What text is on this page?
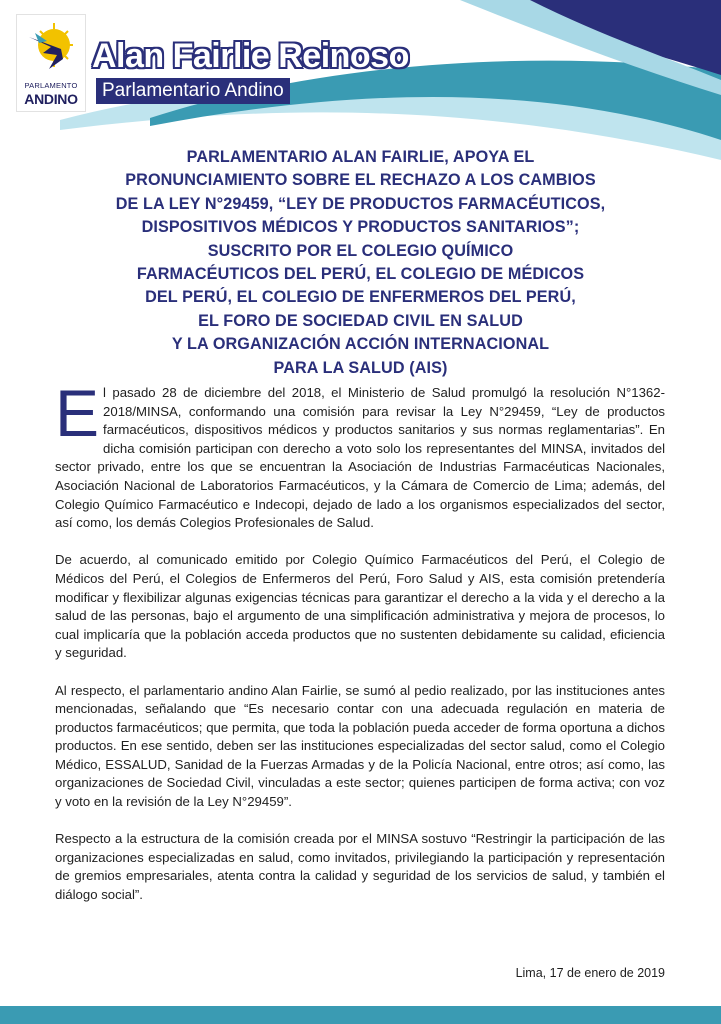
PARLAMENTO
ANDINO
Alan Fairlie Reinoso
Parlamentario Andino
PARLAMENTARIO ALAN FAIRLIE, APOYA EL
PRONUNCIAMIENTO SOBRE EL RECHAZO A LOS CAMBIOS
DE LA LEY N°29459, “LEY DE PRODUCTOS FARMACÉUTICOS,
DISPOSITIVOS MÉDICOS Y PRODUCTOS SANITARIOS”;
SUSCRITO POR EL COLEGIO QUÍMICO
FARMACÉUTICOS DEL PERÚ, EL COLEGIO DE MÉDICOS
DEL PERÚ, EL COLEGIO DE ENFERMEROS DEL PERÚ,
EL FORO DE SOCIEDAD CIVIL EN SALUD
Y LA ORGANIZACIÓN ACCIÓN INTERNACIONAL
PARA LA SALUD (AIS)

El pasado 28 de diciembre del 2018, el Ministerio de Salud promulgó la resolución N°1362-2018/MINSA, conformando una comisión para revisar la Ley N°29459, “Ley de productos farmacéuticos, dispositivos médicos y productos sanitarios y sus normas reglamentarias”. En dicha comisión participan con derecho a voto solo los representantes del MINSA, invitados del sector privado, entre los que se encuentran la Asociación de Industrias Farmacéuticas Nacionales, Asociación Nacional de Laboratorios Farmacéuticos, y la Cámara de Comercio de Lima; además, del Colegio Químico Farmacéutico e Indecopi, dejado de lado a los organismos especializados del sector, así como, los demás Colegios Profesionales de Salud.

De acuerdo, al comunicado emitido por Colegio Químico Farmacéuticos del Perú, el Colegio de Médicos del Perú, el Colegios de Enfermeros del Perú, Foro Salud y AIS, esta comisión pretendería modificar y flexibilizar algunas exigencias técnicas para garantizar el derecho a la vida y el derecho a la salud de las personas, bajo el argumento de una simplificación administrativa y mejora de procesos, lo cual implicaría que la población acceda productos que no sustenten debidamente su calidad, eficiencia y seguridad.

Al respecto, el parlamentario andino Alan Fairlie, se sumó al pedio realizado, por las instituciones antes mencionadas, señalando que “Es necesario contar con una adecuada regulación en materia de productos farmacéuticos; que permita, que toda la población pueda acceder de forma oportuna a dichos productos. En ese sentido, deben ser las instituciones especializadas del sector salud, como el Colegio Médico, ESSALUD, Sanidad de la Fuerzas Armadas y de la Policía Nacional, entre otros; así como, las organizaciones de Sociedad Civil, vinculadas a este sector; quienes participen de forma activa; con voz y voto en la revisión de la Ley N°29459”.

Respecto a la estructura de la comisión creada por el MINSA sostuvo “Restringir la participación de las organizaciones especializadas en salud, como invitados, privilegiando la participación y representación de gremios empresariales, atenta contra la calidad y seguridad de los servicios de salud, y también el diálogo social”.

Lima, 17 de enero de 2019
